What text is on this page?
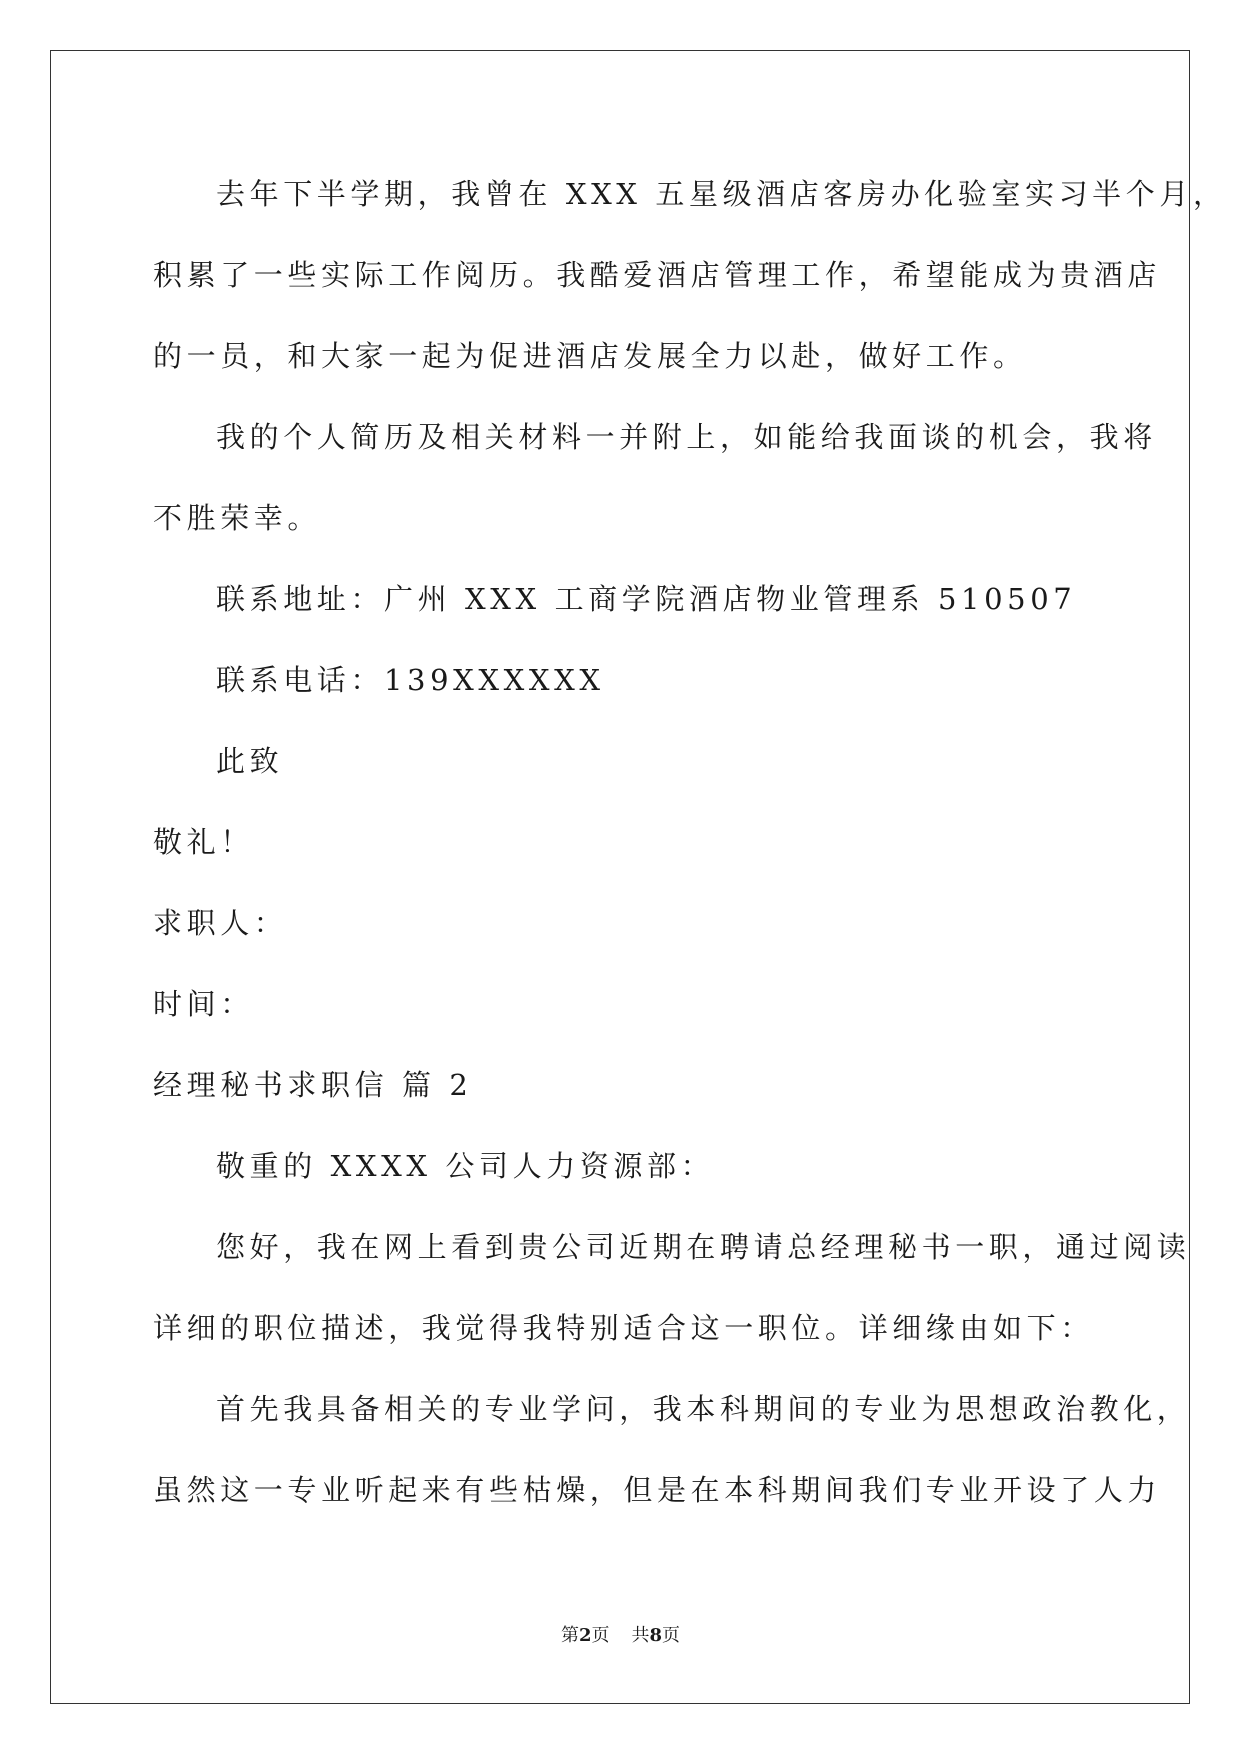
去年下半学期，我曾在 XXX 五星级酒店客房办化验室实习半个月，
积累了一些实际工作阅历。我酷爱酒店管理工作，希望能成为贵酒店
的一员，和大家一起为促进酒店发展全力以赴，做好工作。
我的个人简历及相关材料一并附上，如能给我面谈的机会，我将
不胜荣幸。
联系地址：广州 XXX 工商学院酒店物业管理系 510507
联系电话：139XXXXXX
此致
敬礼！
求职人：
时间：
经理秘书求职信 篇 2
敬重的 XXXX 公司人力资源部：
您好，我在网上看到贵公司近期在聘请总经理秘书一职，通过阅读
详细的职位描述，我觉得我特别适合这一职位。详细缘由如下：
首先我具备相关的专业学问，我本科期间的专业为思想政治教化，
虽然这一专业听起来有些枯燥，但是在本科期间我们专业开设了人力
第2页 共8页
